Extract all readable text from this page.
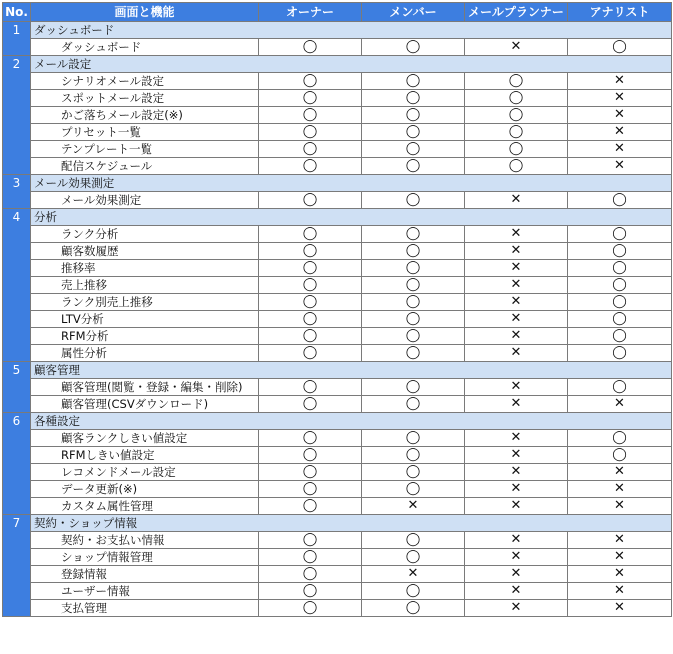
No.	画面と機能	オーナー	メンバー	メールプランナー	アナリスト
1	ダッシュボード				
	ダッシュボード	◯	◯	✕	◯
2	メール設定				
	シナリオメール設定	◯	◯	◯	✕
	スポットメール設定	◯	◯	◯	✕
	かご落ちメール設定(※)	◯	◯	◯	✕
	プリセット一覧	◯	◯	◯	✕
	テンプレート一覧	◯	◯	◯	✕
	配信スケジュール	◯	◯	◯	✕
3	メール効果測定				
	メール効果測定	◯	◯	✕	◯
4	分析				
	ランク分析	◯	◯	✕	◯
	顧客数履歴	◯	◯	✕	◯
	推移率	◯	◯	✕	◯
	売上推移	◯	◯	✕	◯
	ランク別売上推移	◯	◯	✕	◯
	LTV分析	◯	◯	✕	◯
	RFM分析	◯	◯	✕	◯
	属性分析	◯	◯	✕	◯
5	顧客管理				
	顧客管理(閲覧・登録・編集・削除)	◯	◯	✕	◯
	顧客管理(CSVダウンロード)	◯	◯	✕	✕
6	各種設定				
	顧客ランクしきい値設定	◯	◯	✕	◯
	RFMしきい値設定	◯	◯	✕	◯
	レコメンドメール設定	◯	◯	✕	✕
	データ更新(※)	◯	◯	✕	✕
	カスタム属性管理	◯	✕	✕	✕
7	契約・ショップ情報				
	契約・お支払い情報	◯	◯	✕	✕
	ショップ情報管理	◯	◯	✕	✕
	登録情報	◯	✕	✕	✕
	ユーザー情報	◯	◯	✕	✕
	支払管理	◯	◯	✕	✕
